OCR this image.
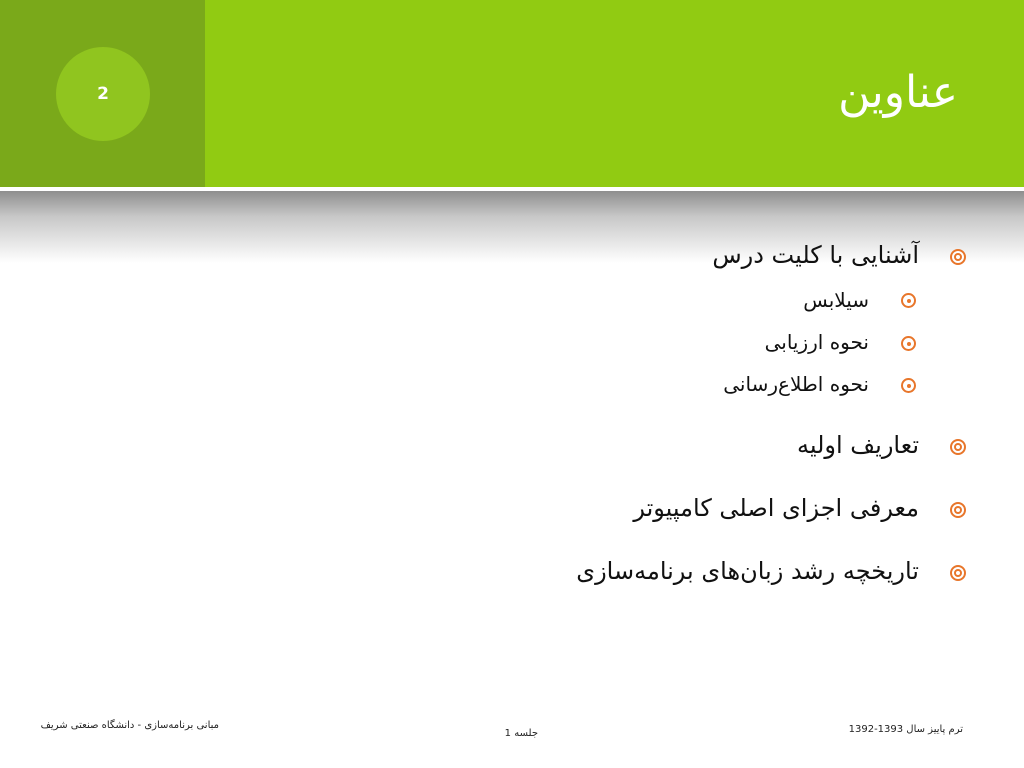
2	عناوین
آشنایی با کلیت درس
سیلابس
نحوه ارزیابی
نحوه اطلاع‌رسانی
تعاریف اولیه
معرفی اجزای اصلی کامپیوتر
تاریخچه رشد زبان‌های برنامه‌سازی
مبانی برنامه‌سازی - دانشگاه صنعتی شریف
جلسه 1	ترم پاییز سال 1393-1392
